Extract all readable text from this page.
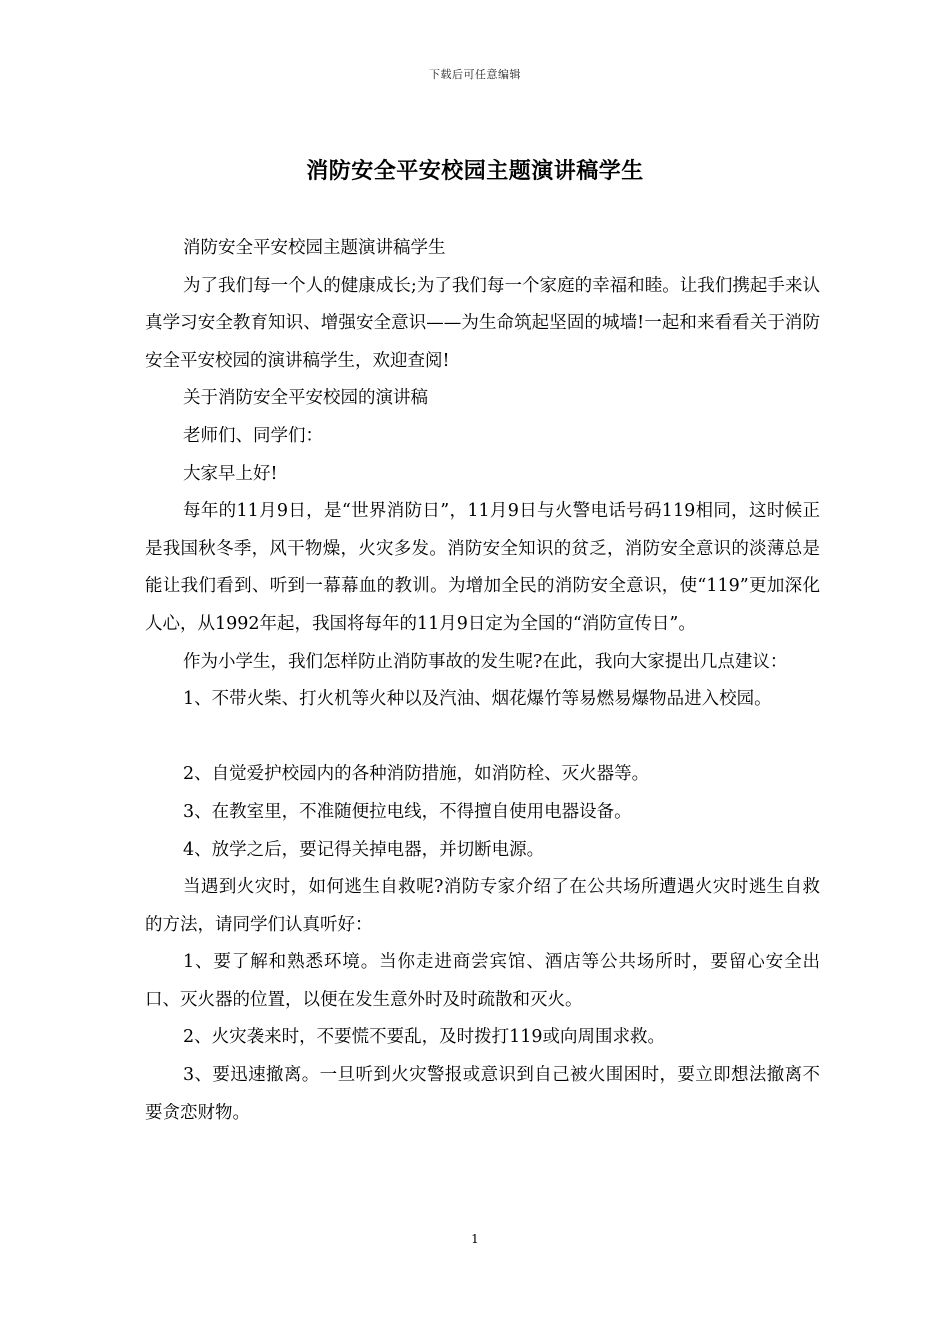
下载后可任意编辑
消防安全平安校园主题演讲稿学生

消防安全平安校园主题演讲稿学生

为了我们每一个人的健康成长;为了我们每一个家庭的幸福和睦。让我们携起手来认真学习安全教育知识、增强安全意识——为生命筑起坚固的城墙!一起和来看看关于消防安全平安校园的演讲稿学生，欢迎查阅!

关于消防安全平安校园的演讲稿

老师们、同学们：

大家早上好!

每年的11月9日，是“世界消防日”，11月9日与火警电话号码119相同，这时候正是我国秋冬季，风干物燥，火灾多发。消防安全知识的贫乏，消防安全意识的淡薄总是能让我们看到、听到一幕幕血的教训。为增加全民的消防安全意识，使“119”更加深化人心，从1992年起，我国将每年的11月9日定为全国的“消防宣传日”。

作为小学生，我们怎样防止消防事故的发生呢?在此，我向大家提出几点建议：

1、不带火柴、打火机等火种以及汽油、烟花爆竹等易燃易爆物品进入校园。

2、自觉爱护校园内的各种消防措施，如消防栓、灭火器等。

3、在教室里，不准随便拉电线，不得擅自使用电器设备。

4、放学之后，要记得关掉电器，并切断电源。

当遇到火灾时，如何逃生自救呢?消防专家介绍了在公共场所遭遇火灾时逃生自救的方法，请同学们认真听好：

1、要了解和熟悉环境。当你走进商尝宾馆、酒店等公共场所时，要留心安全出口、灭火器的位置，以便在发生意外时及时疏散和灭火。

2、火灾袭来时，不要慌不要乱，及时拨打119或向周围求救。

3、要迅速撤离。一旦听到火灾警报或意识到自己被火围困时，要立即想法撤离不要贪恋财物。

1
